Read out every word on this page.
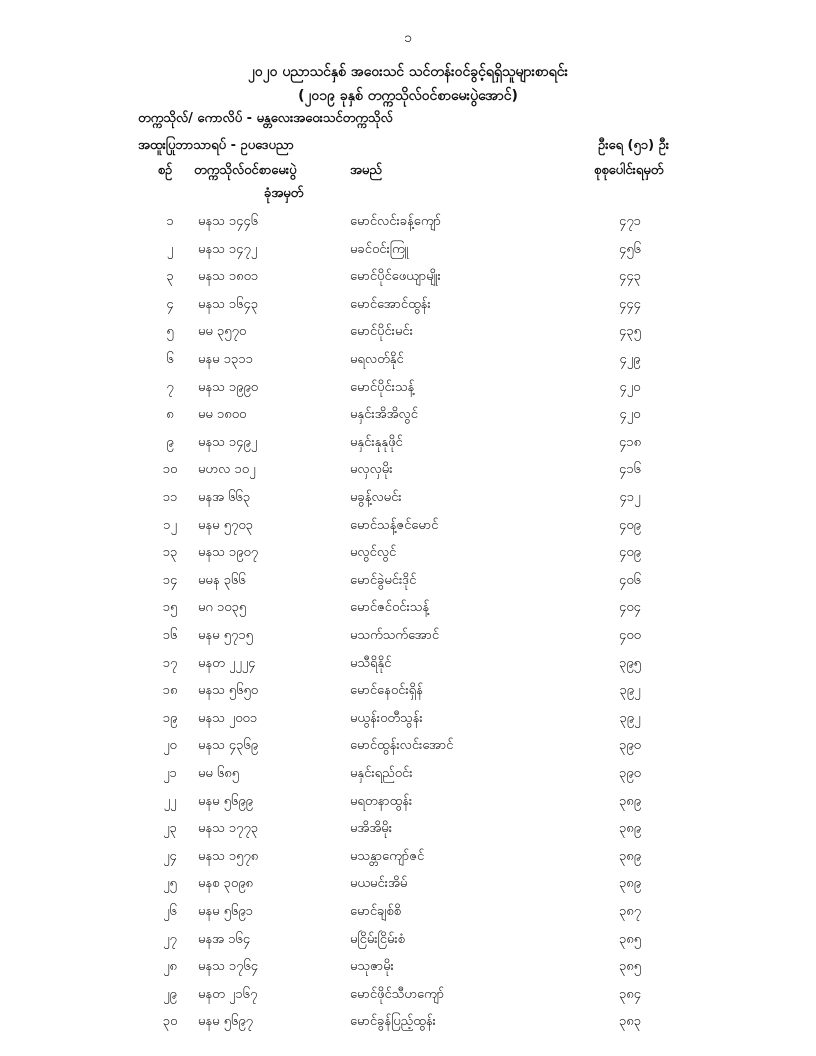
၁
၂၀၂၀ ပညာသင်နှစ် အဝေးသင် သင်တန်းဝင်ခွင့်ရရှိသူများစာရင်း
(၂၀၁၉ ခုနှစ် တက္ကသိုလ်ဝင်စာမေးပွဲအောင်)
တက္ကသိုလ်/ ကောလိပ် - မန္တလေးအဝေးသင်တက္ကသိုလ်
အထူးပြုဘာသာရပ် - ဥပဒေပညာ	ဦးရေ (၅၁) ဦး
စဉ်	တက္ကသိုလ်ဝင်စာမေးပွဲ
ခုံအမှတ်
အမည်	စုစုပေါင်းရမှတ်
၁	မနသ ၁၄၄၆	မောင်လင်းခန့်ကျော်	၄၇၁
၂	မနသ ၁၄၇၂	မခင်ဝင်းကြူ	၄၅၆
၃	မနသ ၁၈၀၁	မောင်ပိုင်ဖေယျာမျိုး	၄၄၃
၄	မနသ ၁၆၄၃	မောင်အောင်ထွန်း	၄၄၄
၅	မမ ၃၅၇၀	မောင်ပိုင်းမင်း	၄၃၅
၆	မနမ ၁၃၁၁	မရလတ်နိုင်	၄၂၉
၇	မနသ ၁၉၉၀	မောင်ပိုင်းသန့်	၄၂၀
၈	မမ ၁၈၀၀	မနှင်းအိအိလွင်	၄၂၀
၉	မနသ ၁၄၉၂	မနှင်းနုနုဖိုင်	၄၁၈
၁၀	မဟလ ၁၀၂	မလှလှမိုး	၄၁၆
၁၁	မနအ ၆၆၃	မခွန့်လမင်း	၄၁၂
၁၂	မနမ ၅၇၀၃	မောင်သန့်ဇင်မောင်	၄၀၉
၁၃	မနသ ၁၉၀၇	မလွင်လွင်	၄၀၉
၁၄	မမန ၃၆၆	မောင်ခွဲမင်းဒိုင်	၄၀၆
၁၅	မဂ ၁၀၃၅	မောင်ဇင်ဝင်းသန့်	၄၀၄
၁၆	မနမ ၅၇၁၅	မသက်သက်အောင်	၄၀၀
၁၇	မနတ ၂၂၂၄	မသီရိနိုင်	၃၉၅
၁၈	မနသ ၅၆၅၀	မောင်နေဝင်းရှိန်	၃၉၂
၁၉	မနသ ၂၀၀၁	မယွန်းဝတီသွန်း	၃၉၂
၂၀	မနသ ၄၃၆၉	မောင်ထွန်းလင်းအောင်	၃၉၀
၂၁	မမ ၆၈၅	မနှင်းရည်ဝင်း	၃၉၀
၂၂	မနမ ၅၆၉၉	မရတနာထွန်း	၃၈၉
၂၃	မနသ ၁၇၇၃	မအိအိမိုး	၃၈၉
၂၄	မနသ ၁၅၇၈	မသန္တာကျော်ဇင်	၃၈၉
၂၅	မနစ ၃၀၉၈	မယမင်းအိမ်	၃၈၉
၂၆	မနမ ၅၆၉၁	မောင်ချစ်စိ	၃၈၇
၂၇	မနအ ၁၆၄	မငြိမ်းငြိမ်းစံ	၃၈၅
၂၈	မနသ ၁၇၆၄	မသုဇာမိုး	၃၈၅
၂၉	မနတ ၂၁၆၇	မောင်ဖိုင်သီဟကျော်	၃၈၄
၃၀	မနမ ၅၆၉၇	မောင်ခွန်ပြည့်ထွန်း	၃၈၃
